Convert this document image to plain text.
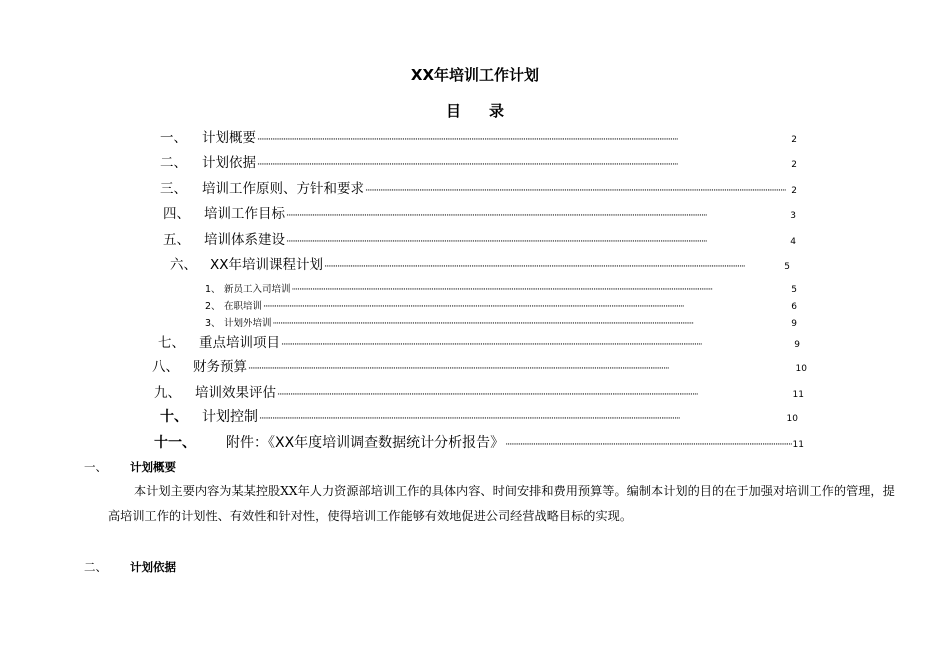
XX年培训工作计划
目 录
一、	计划概要 ·····	2
二、	计划依据 ·····	2
三、	培训工作原则、方针和要求 ·····	2
四、	培训工作目标 ·····	3
五、	培训体系建设 ·····	4
六、 XX年培训课程计划 ·····	5
1、 新员工入司培训 ·····	5
2、 在职培训 ·····	6
3、 计划外培训 ·····	9
七、	重点培训项目 ·····	9
八、	财务预算 ·····	10
九、	培训效果评估 ·····	11
十、	计划控制 ·····	10
十一、	附件：《XX年度培训调查数据统计分析报告》 ·····	11
一、	计划概要
本计划主要内容为某某控股XX年人力资源部培训工作的具体内容、时间安排和费用预算等。编制本计划的目的在于加强对培训工作的管理，提高培训工作的计划性、有效性和针对性，使得培训工作能够有效地促进公司经营战略目标的实现。
二、	计划依据
